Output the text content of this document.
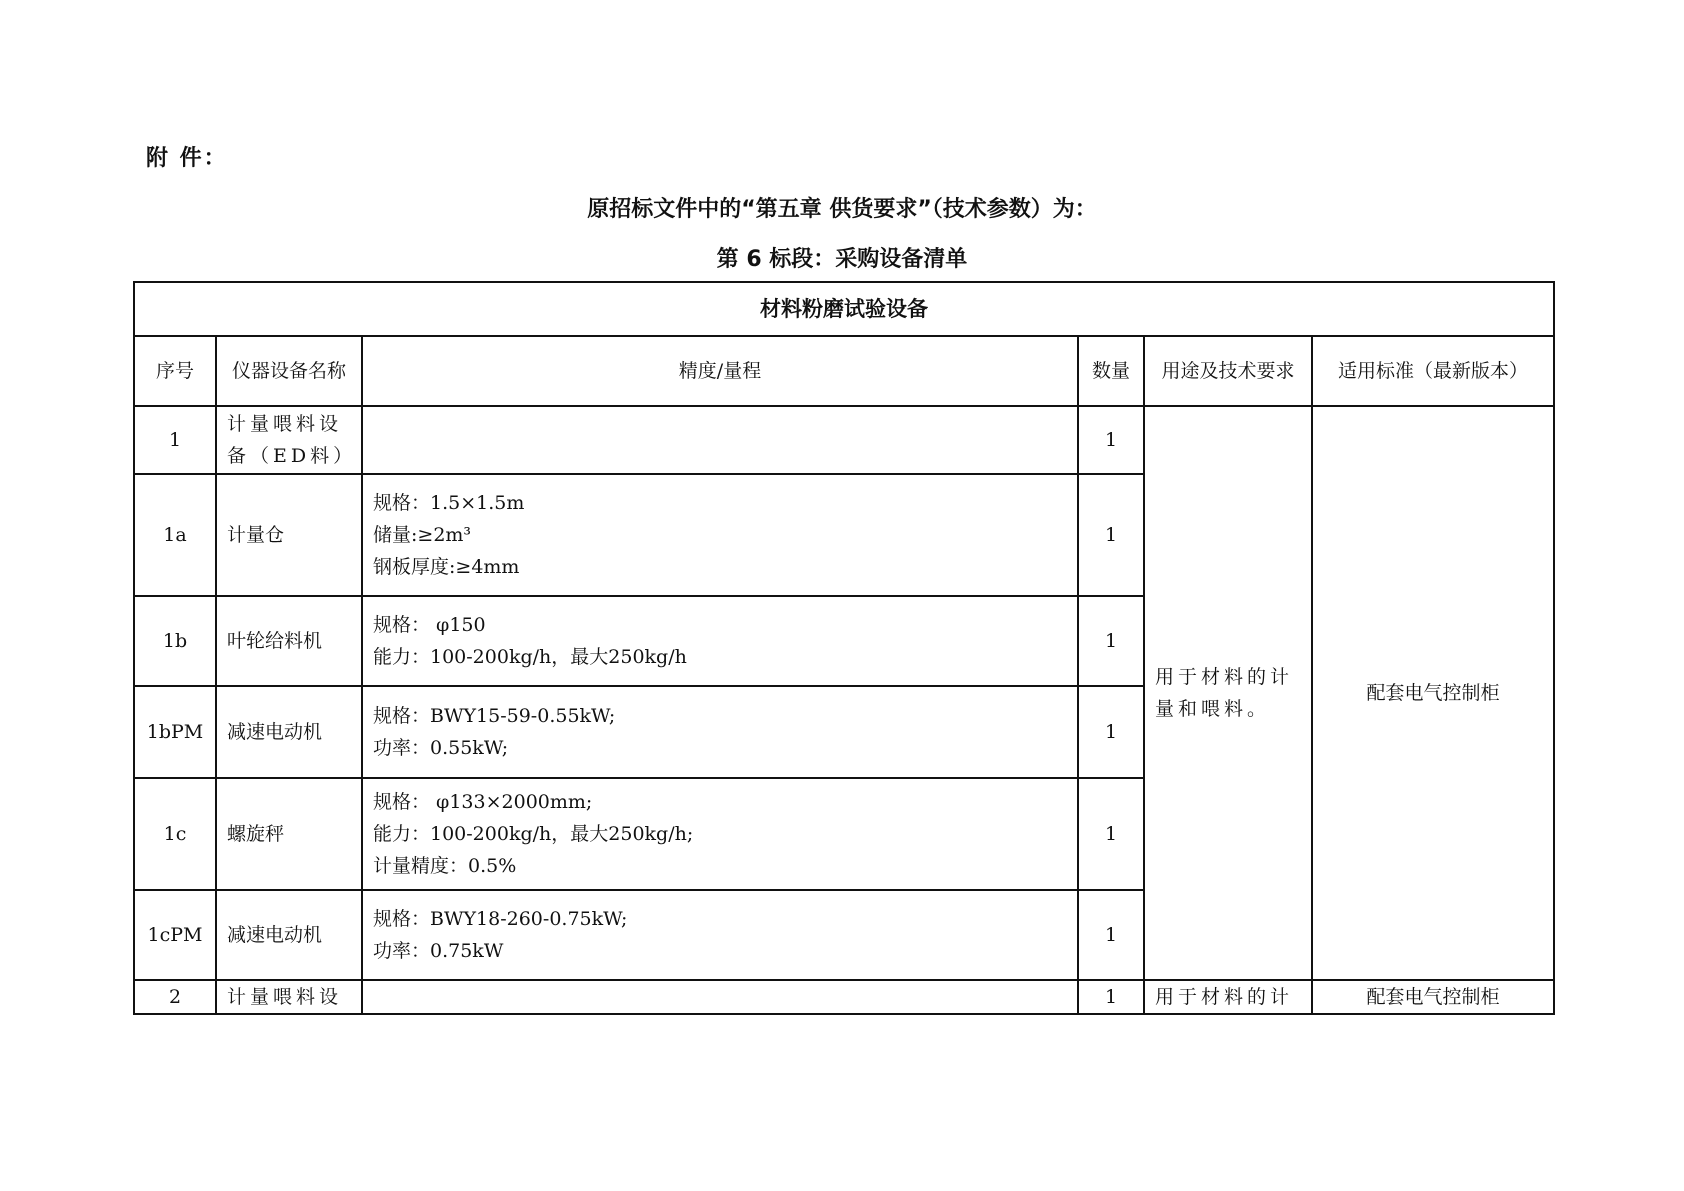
附 件：
原招标文件中的“第五章 供货要求”（技术参数）为：
第 6 标段：采购设备清单
材料粉磨试验设备					
序号	仪器设备名称	精度/量程	数量	用途及技术要求	适用标准（最新版本）
1	计量喂料设备（ED料）		1	用于材料的计量和喂料。	配套电气控制柜
1a	计量仓	规格：1.5×1.5m
储量:≥2m³
钢板厚度:≥4mm	1		
1b	叶轮给料机	规格： φ150
能力：100-200kg/h，最大250kg/h	1		
1bPM	减速电动机	规格：BWY15-59-0.55kW;
功率：0.55kW;	1		
1c	螺旋秤	规格： φ133×2000mm;
能力：100-200kg/h，最大250kg/h;
计量精度：0.5%	1		
1cPM	减速电动机	规格：BWY18-260-0.75kW;
功率：0.75kW	1		
2	计量喂料设		1	用于材料的计	配套电气控制柜
